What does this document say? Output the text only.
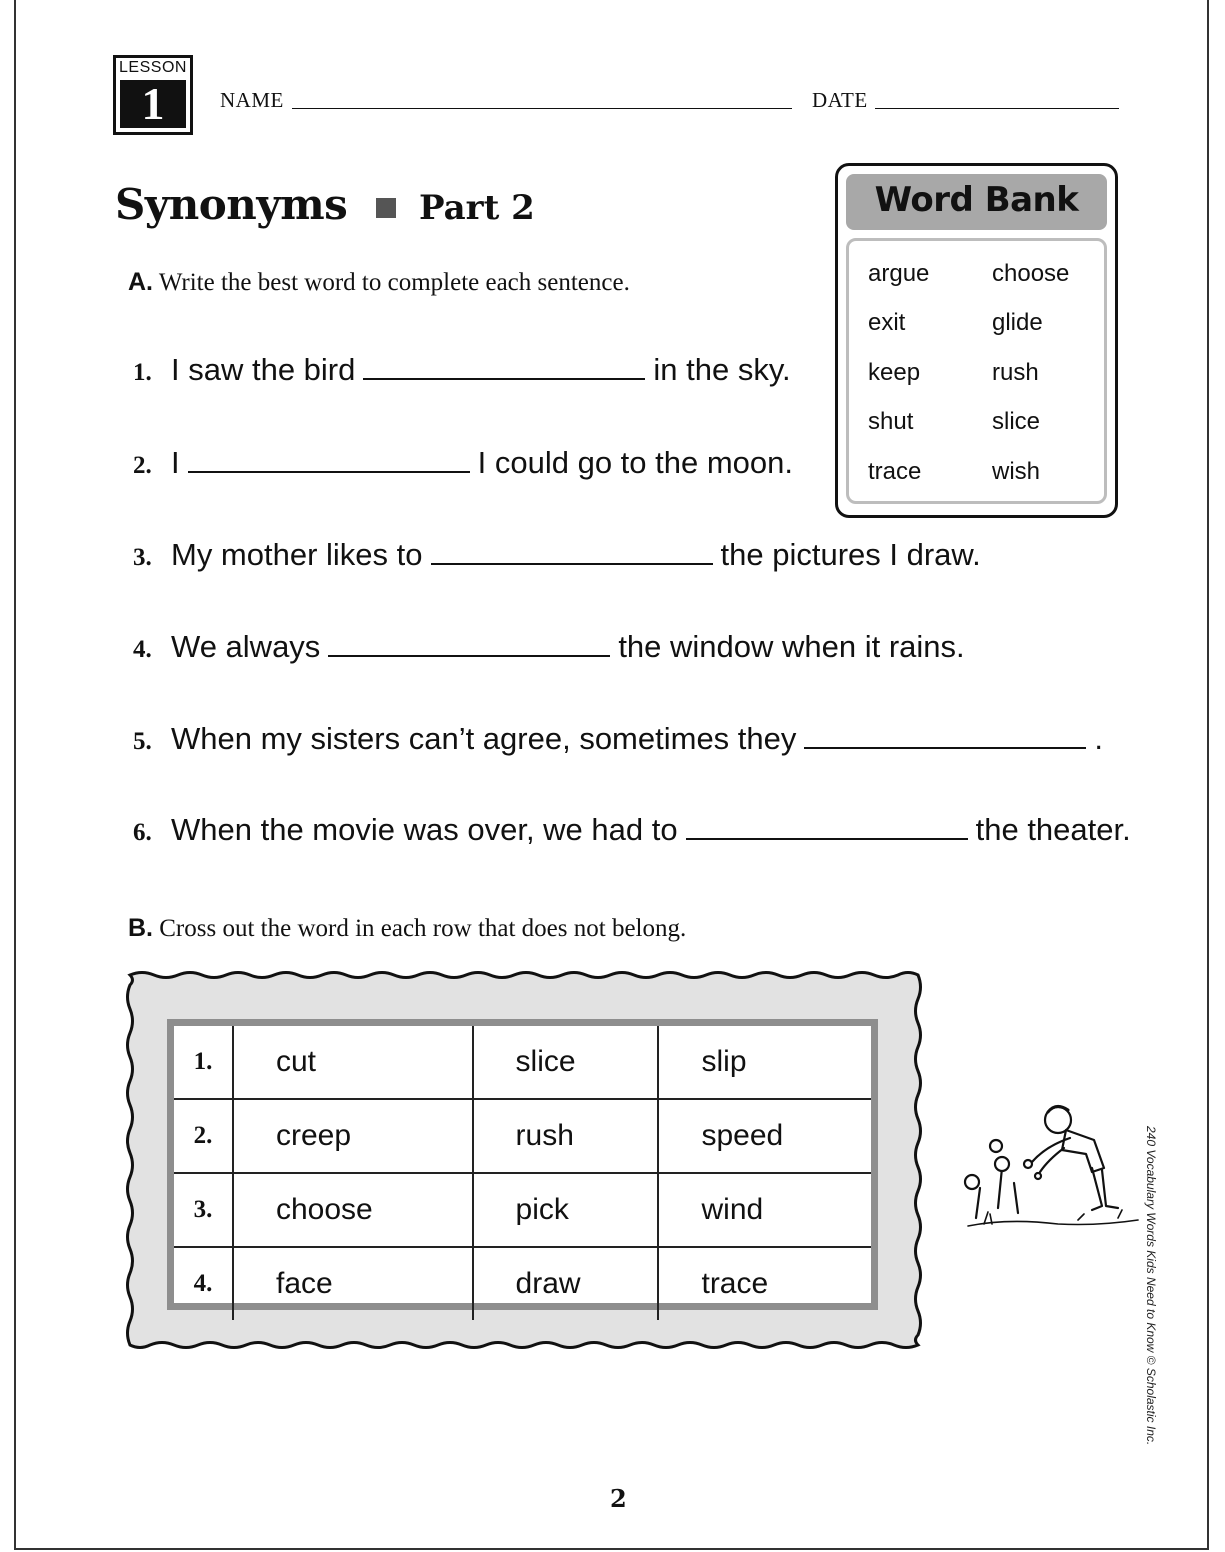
LESSON
1	NAME	DATE
Synonyms Part 2	Word Bank
argue	choose
exit	glide
keep	rush
shut	slice
trace	wish
A. Write the best word to complete each sentence.
1. I saw the bird	in the sky.
2. I	I could go to the moon.
3. My mother likes to	the pictures I draw.
4. We always	the window when it rains.
5. When my sisters can’t agree, sometimes they	.
6. When the movie was over, we had to	the theater.
B. Cross out the word in each row that does not belong.
1.	cut	slice	slip
2.	creep	rush	speed
3.	choose	pick	wind
4.	face	draw	trace	240 Vocabulary Words Kids Need to Know © Scholastic Inc.
2
